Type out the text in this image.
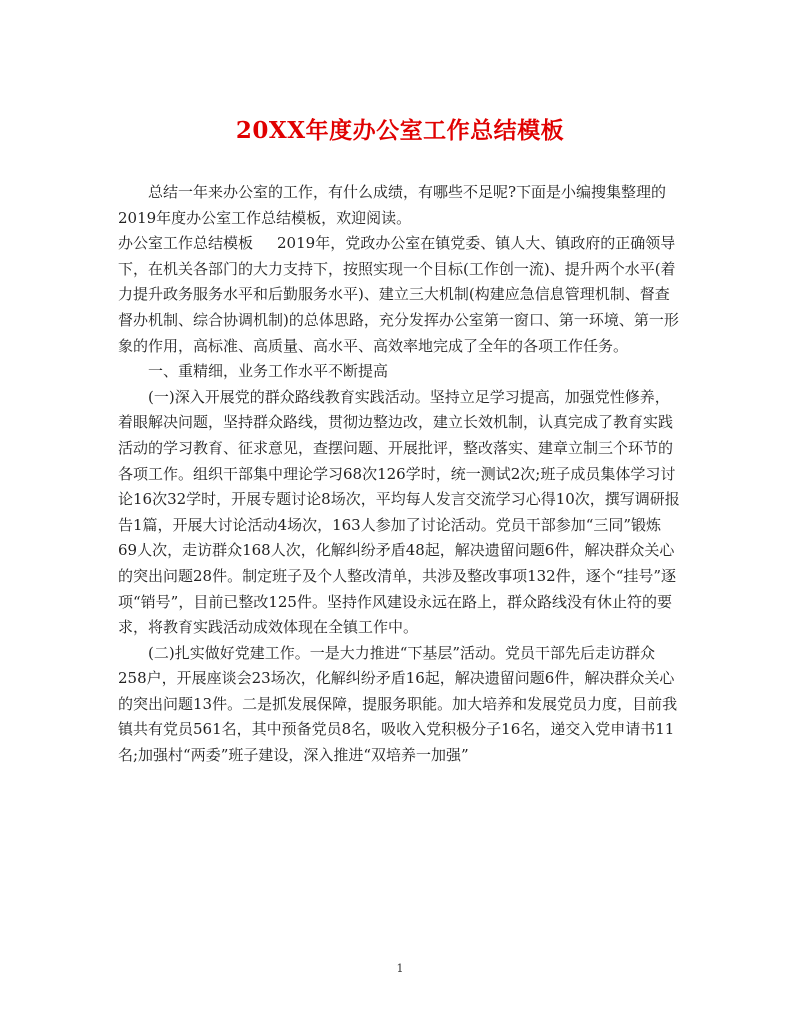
20XX年度办公室工作总结模板

总结一年来办公室的工作，有什么成绩，有哪些不足呢?下面是小编搜集整理的2019年度办公室工作总结模板，欢迎阅读。

办公室工作总结模板 2019年，党政办公室在镇党委、镇人大、镇政府的正确领导下，在机关各部门的大力支持下，按照实现一个目标(工作创一流)、提升两个水平(着力提升政务服务水平和后勤服务水平)、建立三大机制(构建应急信息管理机制、督查督办机制、综合协调机制)的总体思路，充分发挥办公室第一窗口、第一环境、第一形象的作用，高标准、高质量、高水平、高效率地完成了全年的各项工作任务。

一、重精细，业务工作水平不断提高

(一)深入开展党的群众路线教育实践活动。坚持立足学习提高，加强党性修养，着眼解决问题，坚持群众路线，贯彻边整边改，建立长效机制，认真完成了教育实践活动的学习教育、征求意见，查摆问题、开展批评，整改落实、建章立制三个环节的各项工作。组织干部集中理论学习68次126学时，统一测试2次;班子成员集体学习讨论16次32学时，开展专题讨论8场次，平均每人发言交流学习心得10次，撰写调研报告1篇，开展大讨论活动4场次，163人参加了讨论活动。党员干部参加“三同”锻炼69人次，走访群众168人次，化解纠纷矛盾48起，解决遗留问题6件，解决群众关心的突出问题28件。制定班子及个人整改清单，共涉及整改事项132件，逐个“挂号”逐项“销号”，目前已整改125件。坚持作风建设永远在路上，群众路线没有休止符的要求，将教育实践活动成效体现在全镇工作中。

(二)扎实做好党建工作。一是大力推进“下基层”活动。党员干部先后走访群众258户，开展座谈会23场次，化解纠纷矛盾16起，解决遗留问题6件，解决群众关心的突出问题13件。二是抓发展保障，提服务职能。加大培养和发展党员力度，目前我镇共有党员561名，其中预备党员8名，吸收入党积极分子16名，递交入党申请书11名;加强村“两委”班子建设，深入推进“双培养一加强”

1
